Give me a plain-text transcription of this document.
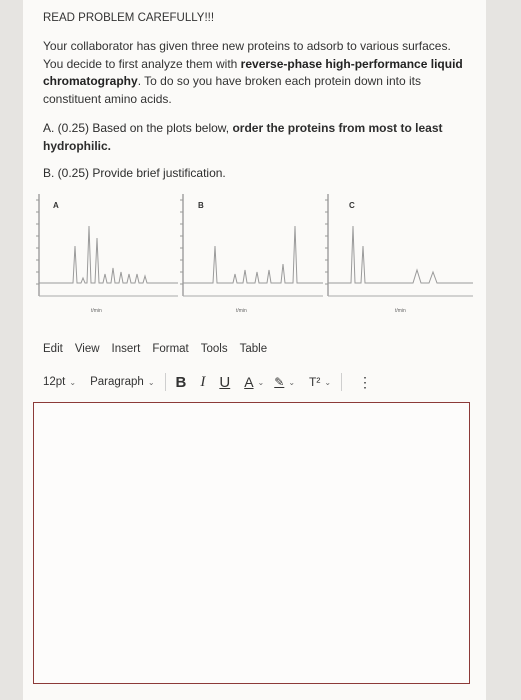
READ PROBLEM CAREFULLY!!!
Your collaborator has given three new proteins to adsorb to various surfaces. You decide to first analyze them with reverse-phase high-performance liquid chromatography. To do so you have broken each protein down into its constituent amino acids.
A. (0.25) Based on the plots below, order the proteins from most to least hydrophilic.
B. (0.25) Provide brief justification.
A
t/min
B
t/min
C
t/min
Edit View Insert Format Tools Table
12pt ⌄ Paragraph ⌄ B I U A ⌄ ✎ ⌄ T² ⌄ ⋮
